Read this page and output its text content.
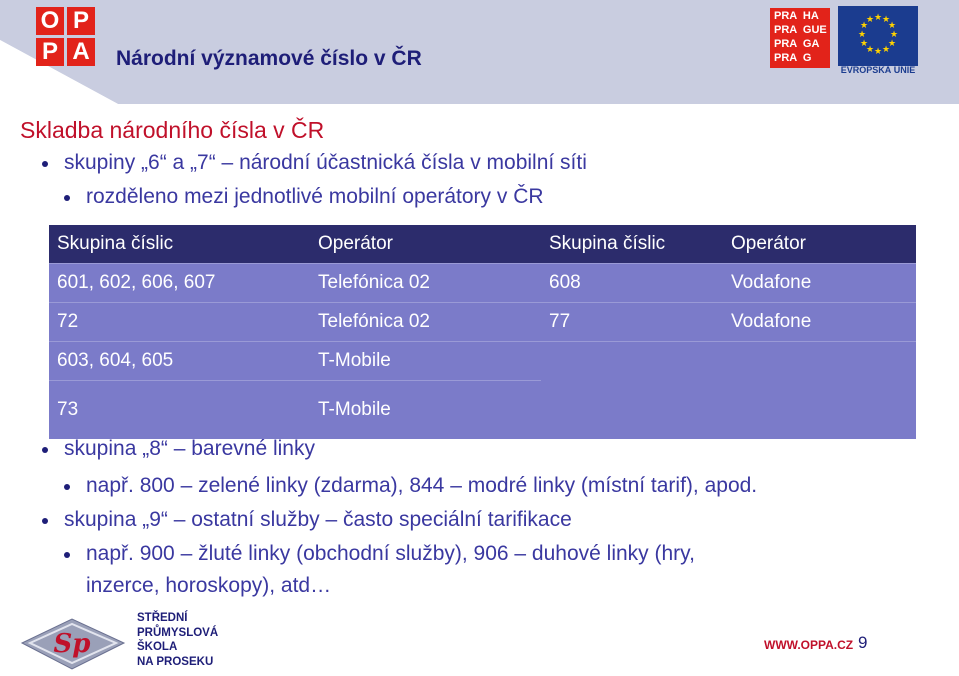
O P
P A Národní významové číslo v ČR
PRA  HA
PRA  GUE
PRA  GA
PRA  G
★ ★
★
★
★
★
★
★
★
★
★
★
EVROPSKÁ UNIE
Skladba národního čísla v ČR
skupiny „6“ a „7“ – národní účastnická čísla v mobilní síti
rozděleno mezi jednotlivé mobilní operátory v ČR
Skupina číslic	Operátor	Skupina číslic	Operátor
601, 602, 606, 607	Telefónica 02	608	Vodafone
72	Telefónica 02	77	Vodafone
603, 604, 605	T-Mobile		
73	T-Mobile		
skupina „8“ – barevné linky
např. 800 – zelené linky (zdarma), 844 – modré linky (místní tarif), apod.
skupina „9“ – ostatní služby – často speciální tarifikace
např. 900 – žluté linky (obchodní služby), 906 – duhové linky (hry,
inzerce, horoskopy), atd…
Sp
STŘEDNÍ
PRŮMYSLOVÁ
ŠKOLA
NA PROSEKU
WWW.OPPA.CZ 9
